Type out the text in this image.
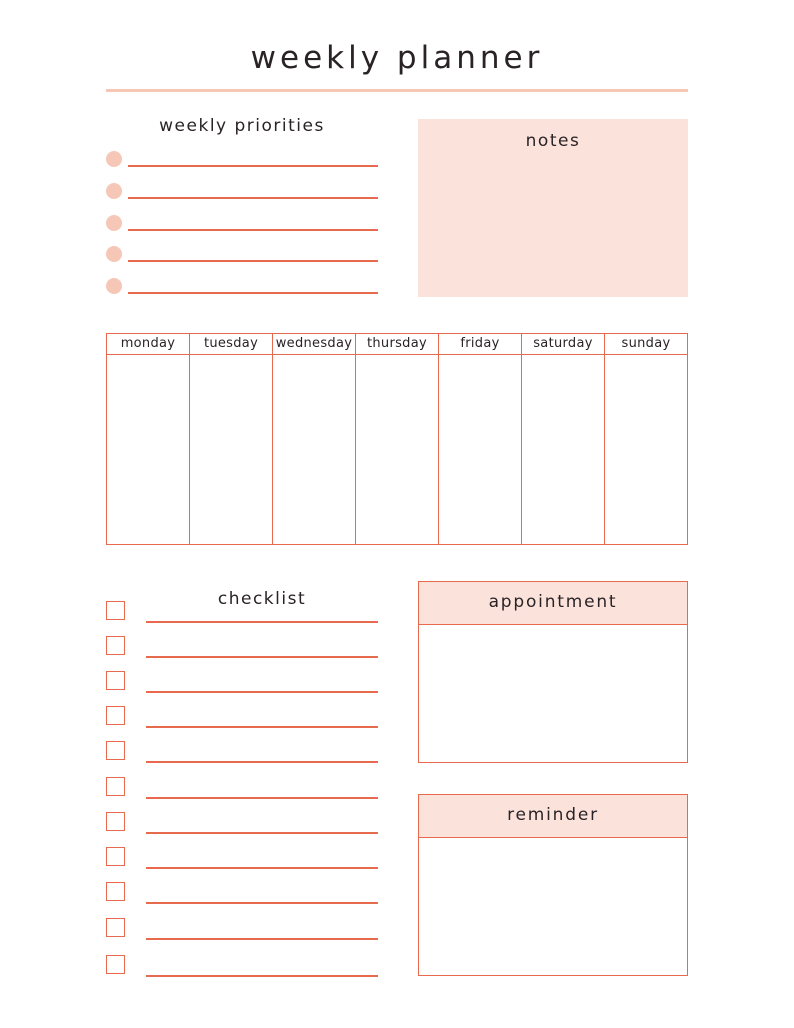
weekly planner
weekly priorities
notes
monday	tuesday	wednesday	thursday	friday	saturday	sunday
checklist	appointment
reminder
